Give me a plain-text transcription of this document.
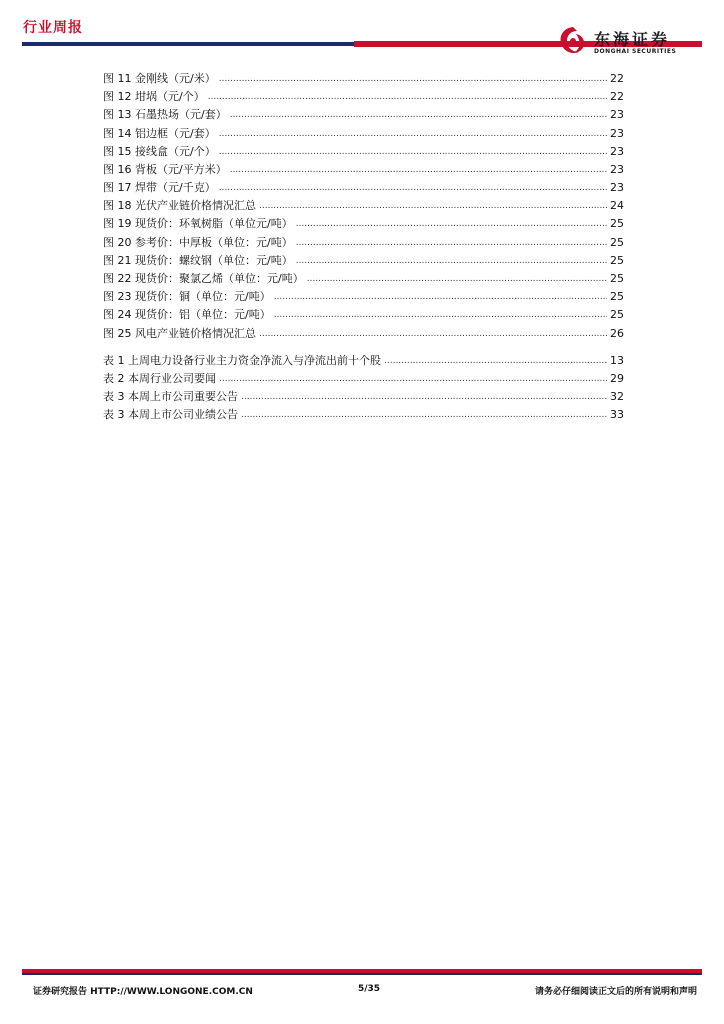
行业周报
东海证券
DONGHAI SECURITIES
图 11 金刚线（元/米） .....	22
图 12 坩埚（元/个） .....	22
图 13 石墨热场（元/套） .....	23
图 14 铝边框（元/套） .....	23
图 15 接线盒（元/个） .....	23
图 16 背板（元/平方米） .....	23
图 17 焊带（元/千克） .....	23
图 18 光伏产业链价格情况汇总 .....	24
图 19 现货价：环氧树脂（单位元/吨） .....	25
图 20 参考价：中厚板（单位：元/吨） .....	25
图 21 现货价：螺纹钢（单位：元/吨） .....	25
图 22 现货价：聚氯乙烯（单位：元/吨） .....	25
图 23 现货价：铜（单位：元/吨） .....	25
图 24 现货价：铝（单位：元/吨） .....	25
图 25 风电产业链价格情况汇总 .....	26
表 1 上周电力设备行业主力资金净流入与净流出前十个股 .....	13
表 2 本周行业公司要闻 .....	29
表 3 本周上市公司重要公告 .....	32
表 3 本周上市公司业绩公告 .....	33
证券研究报告 HTTP://WWW.LONGONE.COM.CN	5/35	请务必仔细阅读正文后的所有说明和声明
